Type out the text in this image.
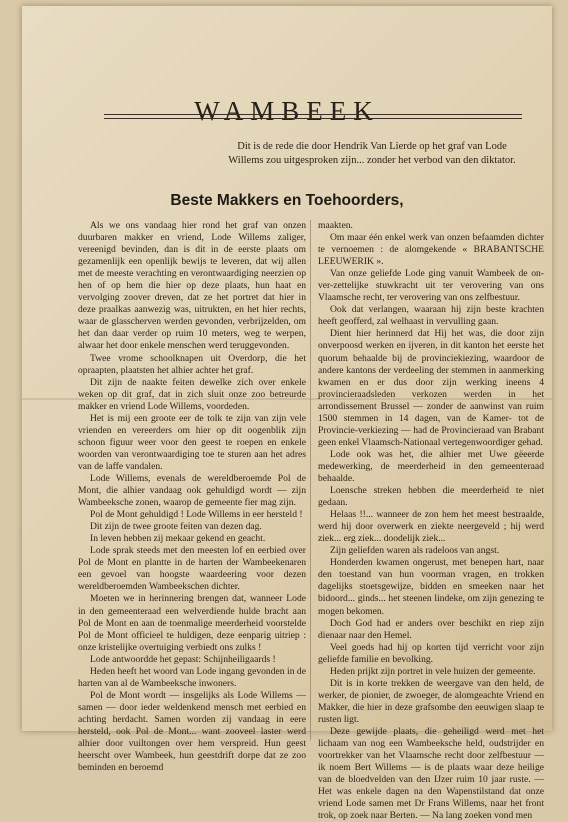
WAMBEEK
Dit is de rede die door Hendrik Van Lierde op het graf van Lode Willems zou uitgesproken zijn... zonder het verbod van den diktator.
Beste Makkers en Toehoorders,

Als we ons vandaag hier rond het graf van onzen duurbaren makker en vriend, Lode Willems zaliger, vereenigd bevinden, dan is dit in de eerste plaats om gezamenlijk een openlijk bewijs te leveren, dat wij allen met de meeste verachting en verontwaardiging neerzien op hen of op hem die hier op deze plaats, hun haat en vervolging zoover dreven, dat ze het portret dat hier in deze praalkas aanwezig was, uitrukten, en het hier rechts, waar de glasscherven werden gevonden, verbrijzelden, om het dan daar verder op ruim 10 meters, weg te werpen, alwaar het door enkele menschen werd teruggevonden.

Twee vrome schoolknapen uit Overdorp, die het opraapten, plaatsten het alhier achter het graf.

Dit zijn de naakte feiten dewelke zich over enkele weken op dit graf, dat in zich sluit onze zoo betreurde makker en vriend Lode Willems, voordeden.

Het is mij een groote eer de tolk te zijn van zijn vele vrienden en vereerders om hier op dit oogenblik zijn schoon figuur weer voor den geest te roepen en enkele woorden van verontwaardiging toe te sturen aan het adres van de laffe vandalen.

Lode Willems, evenals de wereldberoemde Pol de Mont, die alhier vandaag ook gehuldigd wordt — zijn Wambeeksche zonen, waarop de gemeente fier mag zijn.

Pol de Mont gehuldigd ! Lode Willems in eer hersteld !

Dit zijn de twee groote feiten van dezen dag.

In leven hebben zij mekaar gekend en geacht.

Lode sprak steeds met den meesten lof en eerbied over Pol de Mont en plantte in de harten der Wambeekenaren een gevoel van hoogste waardeering voor dezen wereldberoemden Wambeekschen dichter.

Moeten we in herinnering brengen dat, wanneer Lode in den gemeenteraad een welverdiende hulde bracht aan Pol de Mont en aan de toenmalige meerderheid voorstelde Pol de Mont officieel te huldigen, deze eenparig uitriep : onze kristelijke overtuiging verbiedt ons zulks !

Lode antwoordde het gepast: Schijnheiligaards !

Heden heeft het woord van Lode ingang gevonden in de harten van al de Wambeeksche inwoners.

Pol de Mont wordt — insgelijks als Lode Willems — samen — door ieder weldenkend mensch met eerbied en achting herdacht. Samen worden zij vandaag in eere hersteld, ook Pol de Mont... want zooveel laster werd alhier door vuiltongen over hem verspreid. Hun geest heerscht over Wambeek, hun geestdrift dorpe dat ze zoo beminden en beroemd

maakten.

Om maar één enkel werk van onzen befaamden dichter te vernoemen : de alomgekende « BRABANTSCHE LEEUWERIK ».

Van onze geliefde Lode ging vanuit Wambeek de on-ver-zettelijke stuwkracht uit ter verovering van ons Vlaamsche recht, ter verovering van ons zelfbestuur.

Ook dat verlangen, waaraan hij zijn beste krachten heeft geofferd, zal welhaast in vervulling gaan.

Dient hier herinnerd dat Hij het was, die door zijn onverpoosd werken en ijveren, in dit kanton het eerste het quorum behaalde bij de provinciekiezing, waardoor de andere kantons der verdeeling der stemmen in aanmerking kwamen en er dus door zijn werking ineens 4 provincieraadsleden verkozen werden in het arrondissement Brussel — zonder de aanwinst van ruim 1500 stemmen in 14 dagen, van de Kamer- tot de Provincie-verkiezing — had de Provincieraad van Brabant geen enkel Vlaamsch-Nationaal vertegenwoordiger gehad.

Lode ook was het, die alhier met Uwe gëeerde medewerking, de meerderheid in den gemeenteraad behaalde.

Loensche streken hebben die meerderheid te niet gedaan.

Helaas !!... wanneer de zon hem het meest bestraalde, werd hij door overwerk en ziekte neergeveld ; hij werd ziek... erg ziek... doodelijk ziek...

Zijn geliefden waren als radeloos van angst.

Honderden kwamen ongerust, met benepen hart, naar den toestand van hun voorman vragen, en trokken dagelijks stoetsgewijze, bidden en smeeken naar het bidoord... ginds... het steenen lindeke, om zijn genezing te mogen bekomen.

Doch God had er anders over beschikt en riep zijn dienaar naar den Hemel.

Veel goeds had hij op korten tijd verricht voor zijn geliefde familie en bevolking.

Heden prijkt zijn portret in vele huizen der gemeente.

Dit is in korte trekken de weergave van den held, de werker, de pionier, de zwoeger, de alomgeachte Vriend en Makker, die hier in deze grafsombe den eeuwigen slaap te rusten ligt.

Deze gewijde plaats, die geheiligd werd met het lichaam van nog een Wambeeksche held, oudstrijder en voortrekker van het Vlaamsche recht door zelfbestuur — ik noem Bert Willems — is de plaats waar deze heilige van de bloedvelden van den IJzer ruim 10 jaar ruste. — Het was enkele dagen na den Wapenstilstand dat onze vriend Lode samen met Dr Frans Willems, naar het front trok, op zoek naar Berten. — Na lang zoeken vond men
